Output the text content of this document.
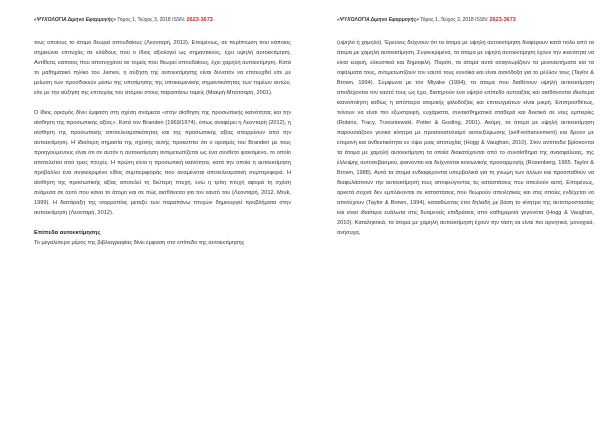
«ΨΥΧΟΛΟΓΙΑ Διμηνο Εφαρμογής» Τόμος 1, Τεύχος 3, 2018 ISSN: 2623-3673

τους οποίους το άτομο θεωρεί σπουδαίους (Λεονταρή, 2012). Επομένως, σε περίπτωση που κάποιος σημειώνει επιτυχίες σε κλάδους που ο ίδιος αξιολογεί ως σημαντικούς, έχει υψηλή αυτοεκτίμηση. Αντίθετα, κάποιος που αποτυγχάνει σε τομείς που θεωρεί σπουδαίους, έχει χαμηλή αυτοεκτίμηση. Κατά το μαθηματικό τηλίκο του James, η αύξηση της αυτοεκτίμησης είναι δυνατόν να επιτευχθεί είτε με μείωση των προσδοκιών μέσω της υποτίμησης της υποκειμενικής σημαντικότητας των τομέων αυτών, είτε με την αύξηση της επιτυχίας του ατόμου στους παραπάνω τομείς (Μακρή-Μπότσαρη, 2001).

Ο ίδιος ορισμός δίνει έμφαση στη σχέση ανάμεσα «στην αίσθηση της προσωπικής ικανότητας και την αίσθηση της προσωπικής αξίας». Κατά τον Branden (1969/1974), όπως αναφέρει η Λεονταρή (2012), η αίσθηση της προσωπικής αποτελεσματικότητας και της προσωπικής αξίας απορρέουν από την αυτοεκτίμηση. Η ιδιαίτερη σημασία της σχέσης αυτής προκύπτει ότι ο ορισμός του Branden με τους προηγούμενους είναι ότι σε αυτόν η αυτοεκτίμηση αντιμετωπίζεται ως ένα σύνθετο φαινόμενο, το οποίο αποτελείται από τρεις πτυχές. Η πρώτη είναι η προσωπική ικανότητα, κατά την οποία η αυτοεκτίμηση προβάλλει ένα συγκεκριμένο είδος συμπεριφοράς που αναμένεται αποτελεσματική συμπεριφορά. Η αίσθηση της προσωπικής αξίας αποτελεί τη δεύτερη πτυχή, ενώ η τρίτη πτυχή αφορά τη σχέση ανάμεσα σε αυτό που κάνει το άτομο και σε πώς αισθάνεται για τον εαυτό του (Λεονταρή, 2012. Mruk, 1999). Η διατάραξη της ισορροπίας μεταξύ των παραπάνω πτυχών δημιουργεί προβλήματα στην αυτοεκτίμηση (Λεονταρή, 2012).

Επίπεδα αυτοεκτίμησης

Το μεγαλύτερο μέρος της βιβλιογραφίας δίνει έμφαση στο επίπεδο της αυτοεκτίμησης

«ΨΥΧΟΛΟΓΙΑ Διμηνο Εφαρμογής» Τόμος 1, Τεύχος 3, 2018 ISSN: 2623-3673

(υψηλό ή χαμηλό). Έρευνες δείχνουν ότι τα άτομα με υψηλή αυτοεκτίμηση διαφέρουν κατά πολύ από τα άτομα με χαμηλή αυτοεκτίμηση. Συγκεκριμένα, τα άτομα με υψηλή αυτοεκτίμηση έχουν την ικανότητα να είναι ευφυή, ελκυστικά και δημοφιλή. Παρότι, τα άτομα αυτά αναγνωρίζουν τα μειονεκτήματα και τα σφάλματα τους, αντιμετωπίζουν τον εαυτό τους ευνοϊκά και είναι αισιόδοξα για το μέλλον τους (Taylor & Brown, 1994). Σύμφωνα με τον Miyake (1994), τα άτομα που διαθέτουν υψηλή αυτοεκτίμηση αποδέχονται τον εαυτό τους ως έχει, διατηρούν ένα υψηλό επίπεδο αυτοαξίας και αισθάνονται ιδιαίτερα ικανοποίηση καθώς η απόπειρα ατομικής φιλοδοξίας και επιτευγμάτων είναι μικρή. Επιπροσθέτως, τείνουν να είναι πιο εξωστρεφή, ευχάριστα, συναισθηματικά σταθερά και δεκτικά σε νέες εμπειρίες (Robins, Tracy, Trzesniewski, Potter & Gosling, 2001). Ακόμη, τα άτομα με υψηλή αυτοεκτίμηση παρουσιάζουν γενικά κίνητρα με προσανατολισμό αυτοεξύψωσης (self-enhancement) και δρουν με επιμονή και ανθεκτικότητα εν όψει μιας αποτυχίας (Hogg & Vaughan, 2010). Στον αντίποδα βρίσκονται τα άτομα με χαμηλή αυτοεκτίμηση τα οποία διακατέχονται από το συναίσθημα της ανασφάλειας, της έλλειψης αυτοσεβασμού, φαινονται και δείχνονται κοινωνικής προσαρμογής (Rosenberg, 1965. Taylor & Brown, 1988). Αυτά τα άτομα ενδιαφέρονται υπερβολικά για τη γνώμη των άλλων και προσπαθούν να διαφυλάσσουν την αυτοεκτίμησή τους αποφεύγοντας τις καταστάσεις που απειλούν αυτή. Επομένως, αρκετά συχνά δεν εμπλέκονται σε καταστάσεις που θεωρούν απειλητικές και στις οποίες ενδέχεται να αποτύχουν (Taylor & Brown, 1994), καταιθώντας έτσι δηλαδή με βάση το κίνητρο της αυτοπροστασίας και είναι ιδιαίτερα ευάλωτα στις δυσμενείς επιδράσεις από καθημερινά γεγονότα (Hogg & Vaughan, 2010). Καταληκτικά, τα άτομα με χαμηλή αυτοεκτίμηση έχουν την τάση να είναι πιο αρνητικά, μονοχικά, ανήσυχα,
